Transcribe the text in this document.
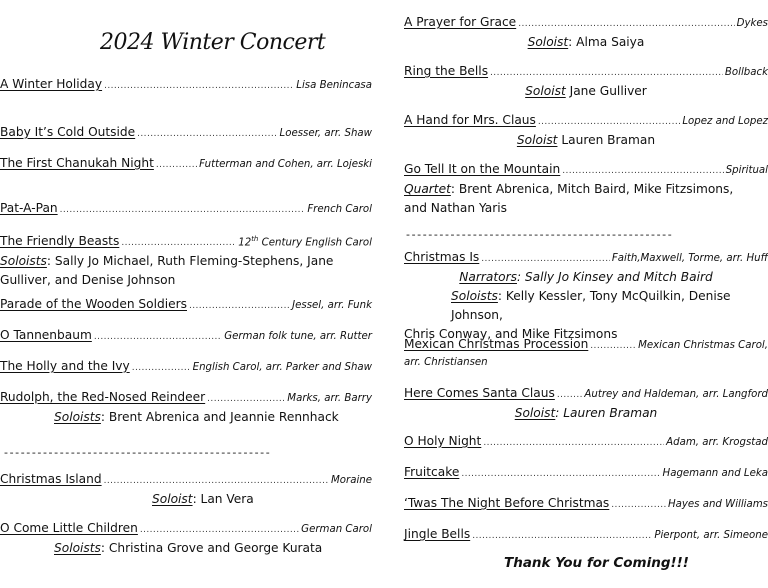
2024 Winter Concert
A Winter Holiday .....	Lisa Benincasa
Baby It’s Cold Outside .....	Loesser, arr. Shaw
The First Chanukah Night .....	Futterman and Cohen, arr. Lojeski
Pat-A-Pan .....	French Carol
The Friendly Beasts .....	12th Century English Carol
Soloists: Sally Jo Michael, Ruth Fleming-Stephens, Jane
Gulliver, and Denise Johnson
Parade of the Wooden Soldiers .....	Jessel, arr. Funk
O Tannenbaum .....	German folk tune, arr. Rutter
The Holly and the Ivy .....	English Carol, arr. Parker and Shaw
Rudolph, the Red-Nosed Reindeer .....	Marks, arr. Barry
Soloists: Brent Abrenica and Jeannie Rennhack
------------------------------------------------
Christmas Island .....	Moraine
Soloist: Lan Vera
O Come Little Children .....	German Carol
Soloists: Christina Grove and George Kurata
A Prayer for Grace .....	Dykes
Soloist: Alma Saiya
Ring the Bells .....	Bollback
Soloist Jane Gulliver
A Hand for Mrs. Claus .....	Lopez and Lopez
Soloist Lauren Braman
Go Tell It on the Mountain .....	Spiritual
Quartet: Brent Abrenica, Mitch Baird, Mike Fitzsimons,
and Nathan Yaris
------------------------------------------------
Christmas Is .....	Faith,Maxwell, Torme, arr. Huff
Narrators: Sally Jo Kinsey and Mitch Baird
Soloists: Kelly Kessler, Tony McQuilkin, Denise Johnson,
Chris Conway, and Mike Fitzsimons
Mexican Christmas Procession .....	Mexican Christmas Carol,
arr. Christiansen
Here Comes Santa Claus .....	Autrey and Haldeman, arr. Langford
Soloist: Lauren Braman
O Holy Night .....	Adam, arr. Krogstad
Fruitcake .....	Hagemann and Leka
‘Twas The Night Before Christmas .....	Hayes and Williams
Jingle Bells .....	Pierpont, arr. Simeone
Thank You for Coming!!!
